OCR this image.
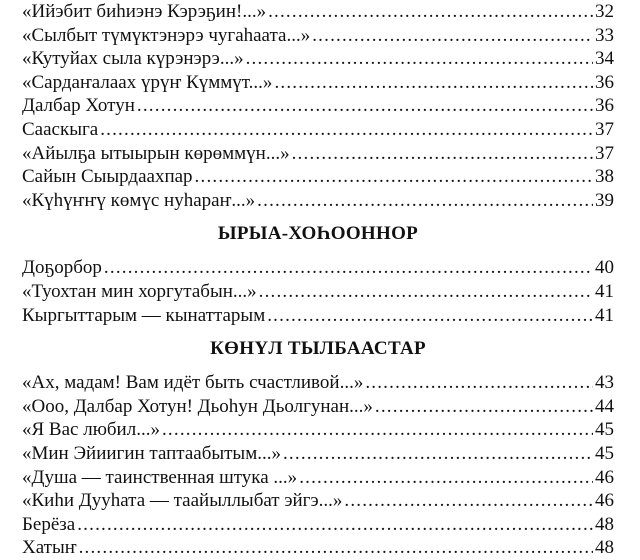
«Ийэбит биһиэнэ Кэрэҕин!...» .....	32
«Сылбыт түмүктэнэрэ чугаһаата...» .....	33
«Кутуйах сыла күрэнэрэ...» .....	34
«Сардаҥалаах үрүҥ Күммүт...» .....	36
Далбар Хотун .....	36
Сааскыга .....	37
«Айылҕа ытыырын көрөммүн...» .....	37
Сайын Сыырдаахпар .....	38
«Күһүҥҥү көмүс нуһараҥ...» .....	39
ЫРЫА-ХОҺООННОР
Доҕорбор .....	40
«Туохтан мин хоргутабын...» .....	41
Кыргыттарым — кынаттарым .....	41
КӨНҮЛ ТЫЛБААСТАР
«Ах, мадам! Вам идёт быть счастливой...» .....	43
«Ооо, Далбар Хотун! Дьоһун Дьолгунан...» .....	44
«Я Вас любил...» .....	45
«Мин Эйиигин таптаабытым...» .....	45
«Душа — таинственная штука ...» .....	46
«Киhи Дууhата — таайыллыбат эйгэ...» .....	46
Берёза .....	48
Хатыҥ .....	48
